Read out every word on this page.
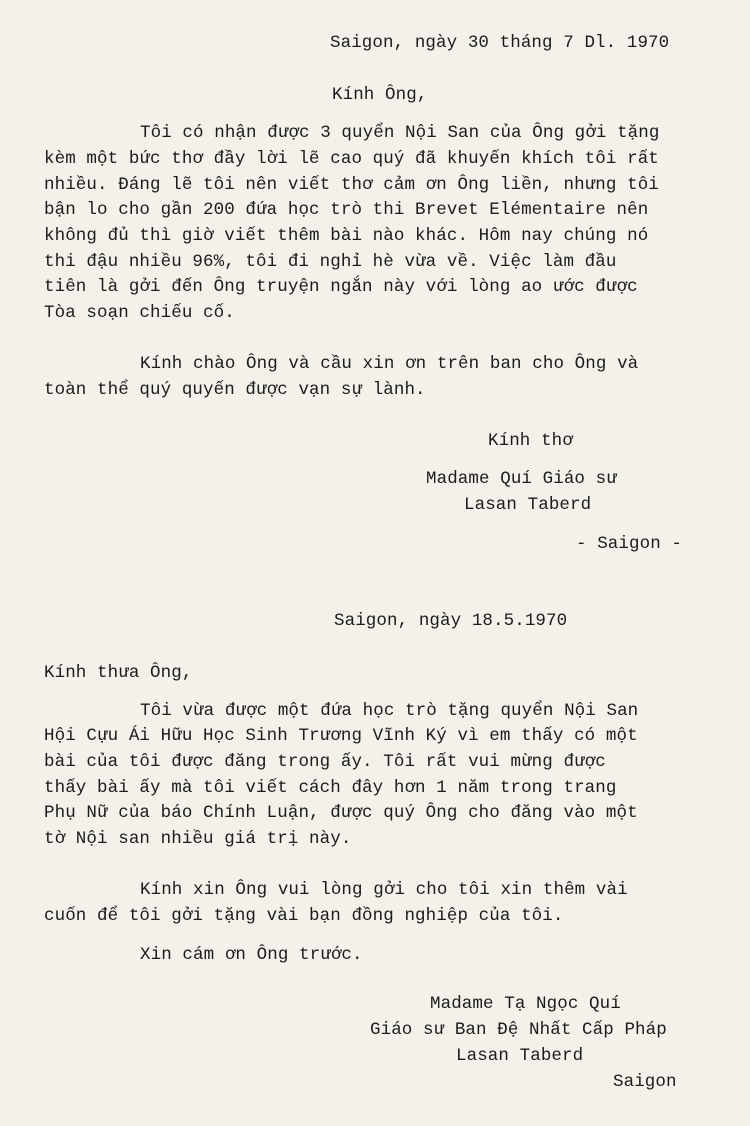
Saigon, ngày 30 tháng 7 Dl. 1970
Kính Ông,
Tôi có nhận được 3 quyển Nội San của Ông gởi tặng
kèm một bức thơ đầy lời lẽ cao quý đã khuyến khích tôi rất
nhiều. Đáng lẽ tôi nên viết thơ cảm ơn Ông liền, nhưng tôi
bận lo cho gần 200 đứa học trò thi Brevet Elémentaire nên
không đủ thì giờ viết thêm bài nào khác. Hôm nay chúng nó
thi đậu nhiều 96%, tôi đi nghỉ hè vừa về. Việc làm đầu
tiên là gởi đến Ông truyện ngắn này với lòng ao ước được
Tòa soạn chiếu cố.
Kính chào Ông và cầu xin ơn trên ban cho Ông và
toàn thể quý quyến được vạn sự lành.
Kính thơ
Madame Quí Giáo sư
Lasan Taberd
- Saigon -
Saigon, ngày 18.5.1970
Kính thưa Ông,
Tôi vừa được một đứa học trò tặng quyển Nội San
Hội Cựu Ái Hữu Học Sinh Trương Vĩnh Ký vì em thấy có một
bài của tôi được đăng trong ấy. Tôi rất vui mừng được
thấy bài ấy mà tôi viết cách đây hơn 1 năm trong trang
Phụ Nữ của báo Chính Luận, được quý Ông cho đăng vào một
tờ Nội san nhiều giá trị này.
Kính xin Ông vui lòng gởi cho tôi xin thêm vài
cuốn để tôi gởi tặng vài bạn đồng nghiệp của tôi.
Xin cám ơn Ông trước.
Madame Tạ Ngọc Quí
Giáo sư Ban Đệ Nhất Cấp Pháp
Lasan Taberd
Saigon
